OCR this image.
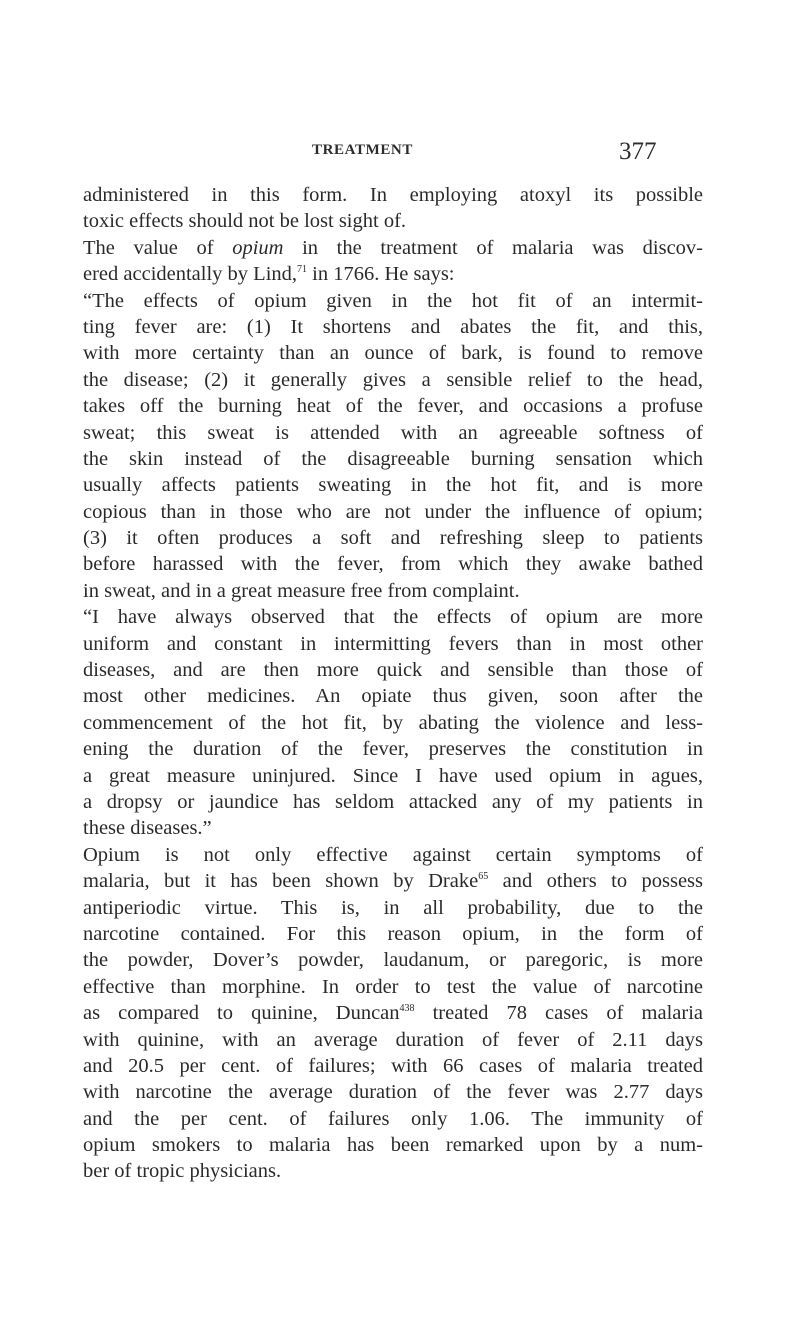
TREATMENT	377
administered in this form. In employing atoxyl its possible
toxic effects should not be lost sight of.
The value of opium in the treatment of malaria was discov-
ered accidentally by Lind,$^{71}$ in 1766. He says:
“The effects of opium given in the hot fit of an intermit-
ting fever are: (1) It shortens and abates the fit, and this,
with more certainty than an ounce of bark, is found to remove
the disease; (2) it generally gives a sensible relief to the head,
takes off the burning heat of the fever, and occasions a profuse
sweat; this sweat is attended with an agreeable softness of
the skin instead of the disagreeable burning sensation which
usually affects patients sweating in the hot fit, and is more
copious than in those who are not under the influence of opium;
(3) it often produces a soft and refreshing sleep to patients
before harassed with the fever, from which they awake bathed
in sweat, and in a great measure free from complaint.
“I have always observed that the effects of opium are more
uniform and constant in intermitting fevers than in most other
diseases, and are then more quick and sensible than those of
most other medicines. An opiate thus given, soon after the
commencement of the hot fit, by abating the violence and less-
ening the duration of the fever, preserves the constitution in
a great measure uninjured. Since I have used opium in agues,
a dropsy or jaundice has seldom attacked any of my patients in
these diseases.”
Opium is not only effective against certain symptoms of
malaria, but it has been shown by Drake$^{65}$ and others to possess
antiperiodic virtue. This is, in all probability, due to the
narcotine contained. For this reason opium, in the form of
the powder, Dover’s powder, laudanum, or paregoric, is more
effective than morphine. In order to test the value of narcotine
as compared to quinine, Duncan$^{438}$ treated 78 cases of malaria
with quinine, with an average duration of fever of 2.11 days
and 20.5 per cent. of failures; with 66 cases of malaria treated
with narcotine the average duration of the fever was 2.77 days
and the per cent. of failures only 1.06. The immunity of
opium smokers to malaria has been remarked upon by a num-
ber of tropic physicians.
